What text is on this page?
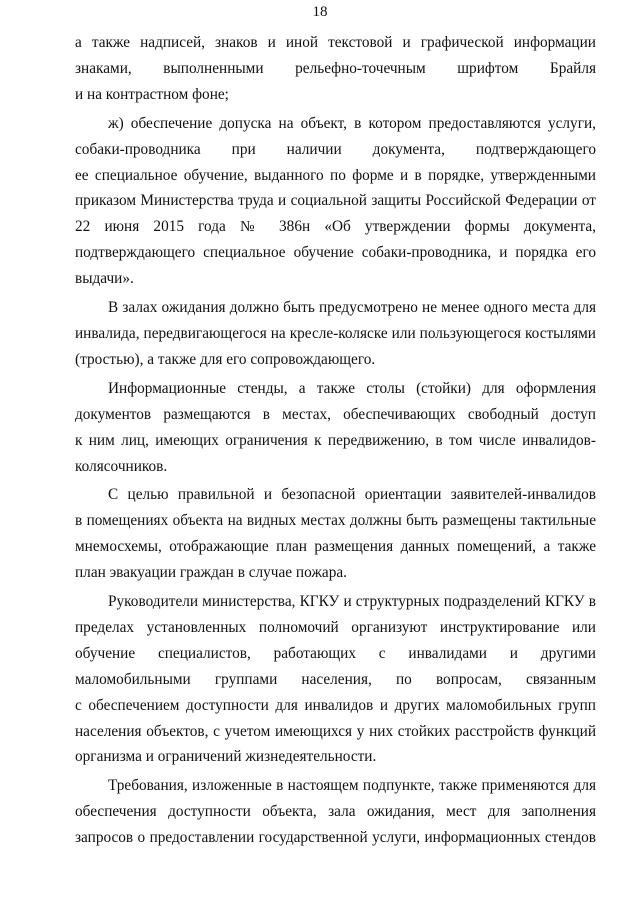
18
а также надписей, знаков и иной текстовой и графической информации
знаками, выполненными рельефно-точечным шрифтом Брайля
и на контрастном фоне;
ж) обеспечение допуска на объект, в котором предоставляются услуги,
собаки-проводника при наличии документа, подтверждающего
ее специальное обучение, выданного по форме и в порядке, утвержденными
приказом Министерства труда и социальной защиты Российской Федерации от
22 июня 2015 года № 386н «Об утверждении формы документа,
подтверждающего специальное обучение собаки-проводника, и порядка его
выдачи».
В залах ожидания должно быть предусмотрено не менее одного места для
инвалида, передвигающегося на кресле-коляске или пользующегося костылями
(тростью), а также для его сопровождающего.
Информационные стенды, а также столы (стойки) для оформления
документов размещаются в местах, обеспечивающих свободный доступ
к ним лиц, имеющих ограничения к передвижению, в том числе инвалидов-
колясочников.
С целью правильной и безопасной ориентации заявителей-инвалидов
в помещениях объекта на видных местах должны быть размещены тактильные
мнемосхемы, отображающие план размещения данных помещений, а также
план эвакуации граждан в случае пожара.
Руководители министерства, КГКУ и структурных подразделений КГКУ в
пределах установленных полномочий организуют инструктирование или
обучение специалистов, работающих с инвалидами и другими
маломобильными группами населения, по вопросам, связанным
с обеспечением доступности для инвалидов и других маломобильных групп
населения объектов, с учетом имеющихся у них стойких расстройств функций
организма и ограничений жизнедеятельности.
Требования, изложенные в настоящем подпункте, также применяются для
обеспечения доступности объекта, зала ожидания, мест для заполнения
запросов о предоставлении государственной услуги, информационных стендов
